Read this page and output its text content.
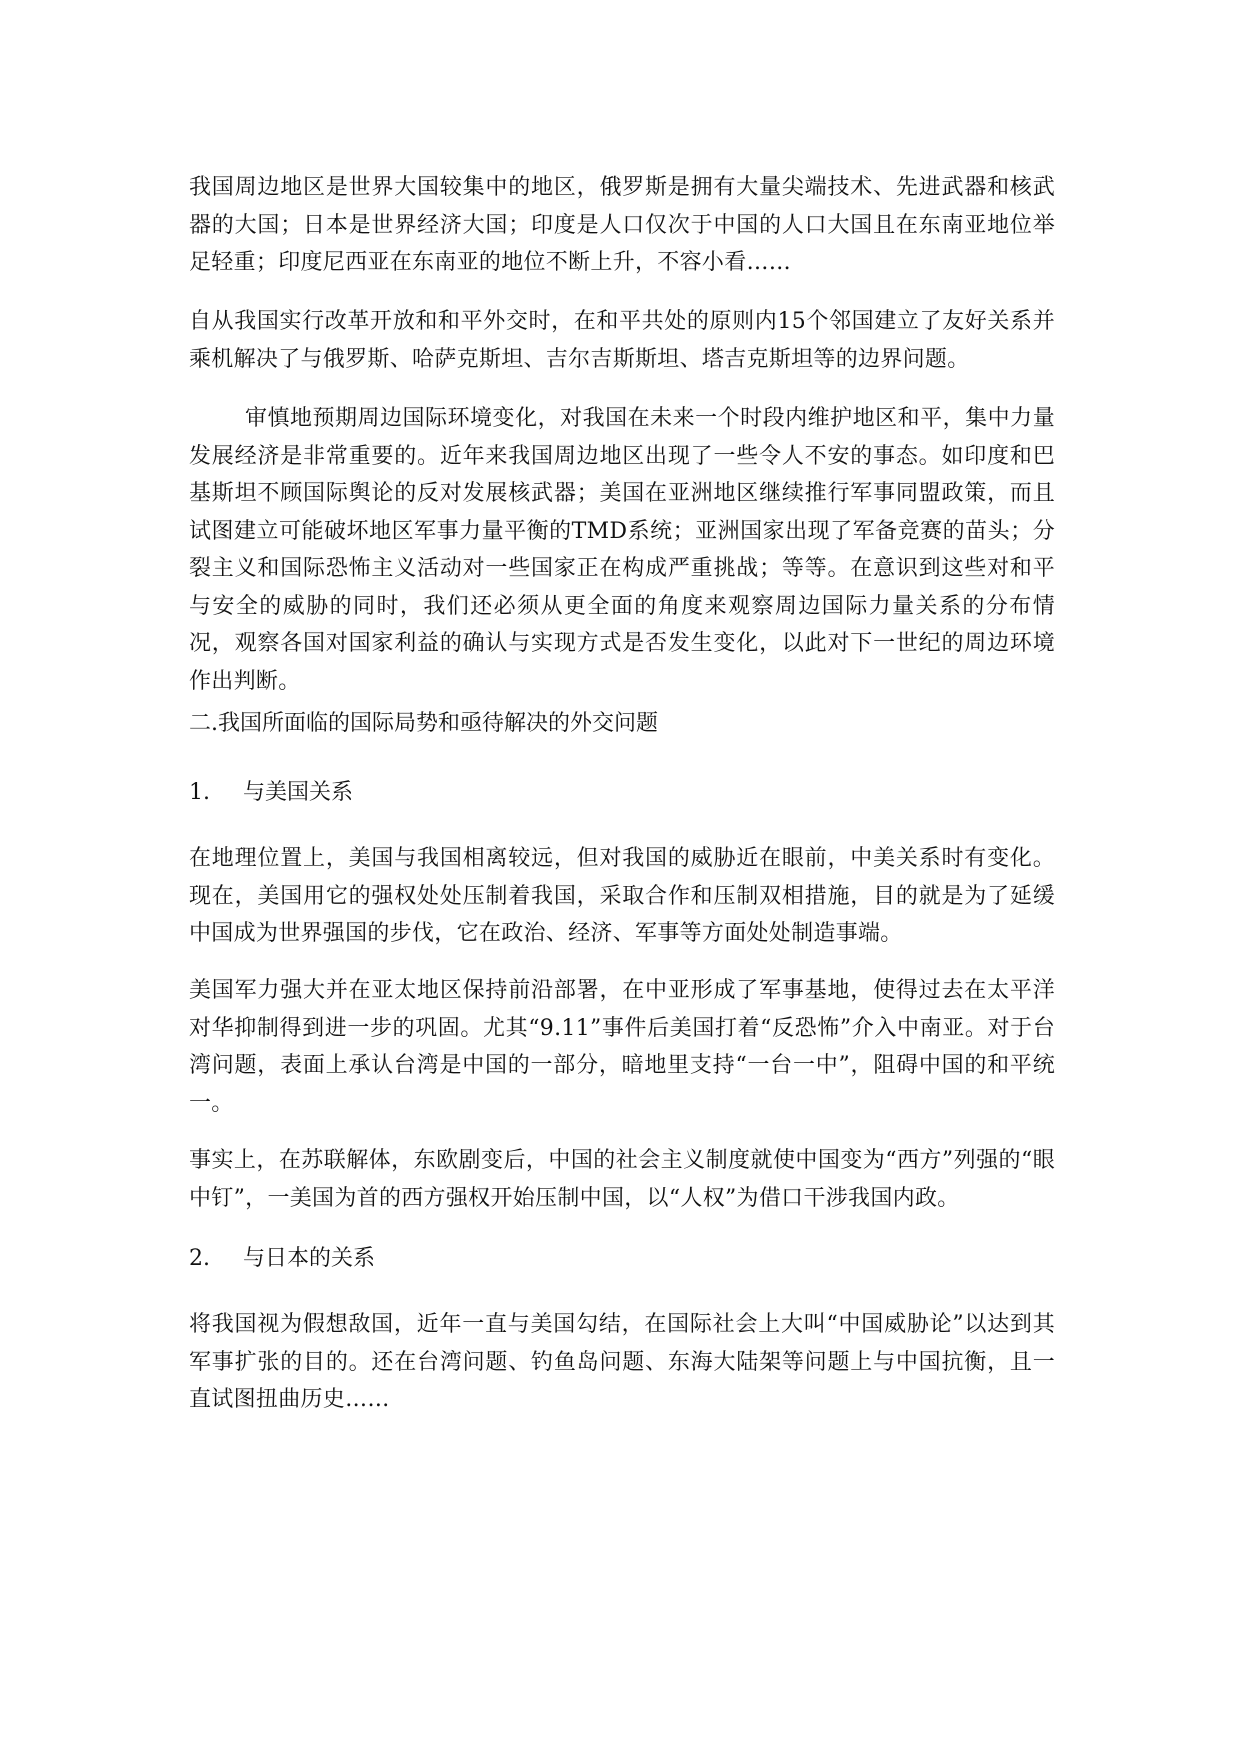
我国周边地区是世界大国较集中的地区，俄罗斯是拥有大量尖端技术、先进武器和核武器的大国；日本是世界经济大国；印度是人口仅次于中国的人口大国且在东南亚地位举足轻重；印度尼西亚在东南亚的地位不断上升，不容小看……

自从我国实行改革开放和和平外交时，在和平共处的原则内15个邻国建立了友好关系并乘机解决了与俄罗斯、哈萨克斯坦、吉尔吉斯斯坦、塔吉克斯坦等的边界问题。

审慎地预期周边国际环境变化，对我国在未来一个时段内维护地区和平，集中力量发展经济是非常重要的。近年来我国周边地区出现了一些令人不安的事态。如印度和巴基斯坦不顾国际舆论的反对发展核武器；美国在亚洲地区继续推行军事同盟政策，而且试图建立可能破坏地区军事力量平衡的TMD系统；亚洲国家出现了军备竞赛的苗头；分裂主义和国际恐怖主义活动对一些国家正在构成严重挑战；等等。在意识到这些对和平与安全的威胁的同时，我们还必须从更全面的角度来观察周边国际力量关系的分布情况，观察各国对国家利益的确认与实现方式是否发生变化，以此对下一世纪的周边环境作出判断。

二.我国所面临的国际局势和亟待解决的外交问题
1. 与美国关系

在地理位置上，美国与我国相离较远，但对我国的威胁近在眼前，中美关系时有变化。现在，美国用它的强权处处压制着我国，采取合作和压制双相措施，目的就是为了延缓中国成为世界强国的步伐，它在政治、经济、军事等方面处处制造事端。

美国军力强大并在亚太地区保持前沿部署，在中亚形成了军事基地，使得过去在太平洋对华抑制得到进一步的巩固。尤其“9.11”事件后美国打着“反恐怖”介入中南亚。对于台湾问题，表面上承认台湾是中国的一部分，暗地里支持“一台一中”，阻碍中国的和平统一。

事实上，在苏联解体，东欧剧变后，中国的社会主义制度就使中国变为“西方”列强的“眼中钉”，一美国为首的西方强权开始压制中国，以“人权”为借口干涉我国内政。

2. 与日本的关系

将我国视为假想敌国，近年一直与美国勾结，在国际社会上大叫“中国威胁论”以达到其军事扩张的目的。还在台湾问题、钓鱼岛问题、东海大陆架等问题上与中国抗衡，且一直试图扭曲历史……
